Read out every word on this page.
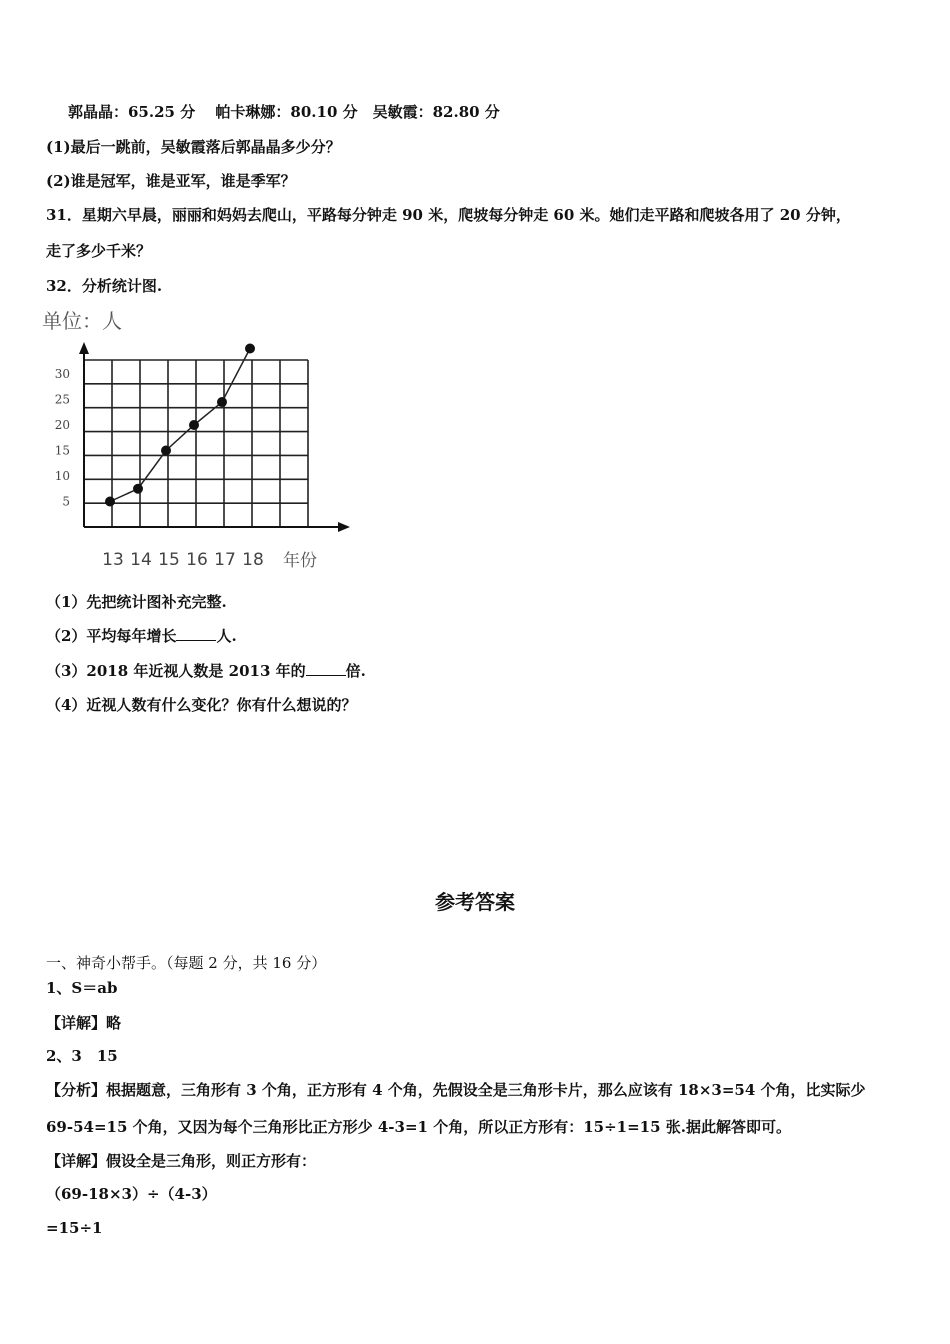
郭晶晶：65.25 分　 帕卡琳娜：80.10 分　吴敏霞：82.80 分
(1)最后一跳前，吴敏霞落后郭晶晶多少分？
(2)谁是冠军，谁是亚军，谁是季军？
31．星期六早晨，丽丽和妈妈去爬山，平路每分钟走 90 米，爬坡每分钟走 60 米。她们走平路和爬坡各用了 20 分钟，
走了多少千米？
32．分析统计图.
单位：人
5
10
15
20
25
30
13 14 15 16 17 18 年份
（1）先把统计图补充完整.
（2）平均每年增长	人.
（3）2018 年近视人数是 2013 年的	倍.
（4）近视人数有什么变化？你有什么想说的？
参考答案
一、神奇小帮手。（每题 2 分，共 16 分）
1、S＝ab
【详解】略
2、3　15
【分析】根据题意，三角形有 3 个角，正方形有 4 个角，先假设全是三角形卡片，那么应该有 18×3=54 个角，比实际少
69-54=15 个角，又因为每个三角形比正方形少 4-3=1 个角，所以正方形有：15÷1=15 张.据此解答即可。
【详解】假设全是三角形，则正方形有：
（69-18×3）÷（4-3）
=15÷1
